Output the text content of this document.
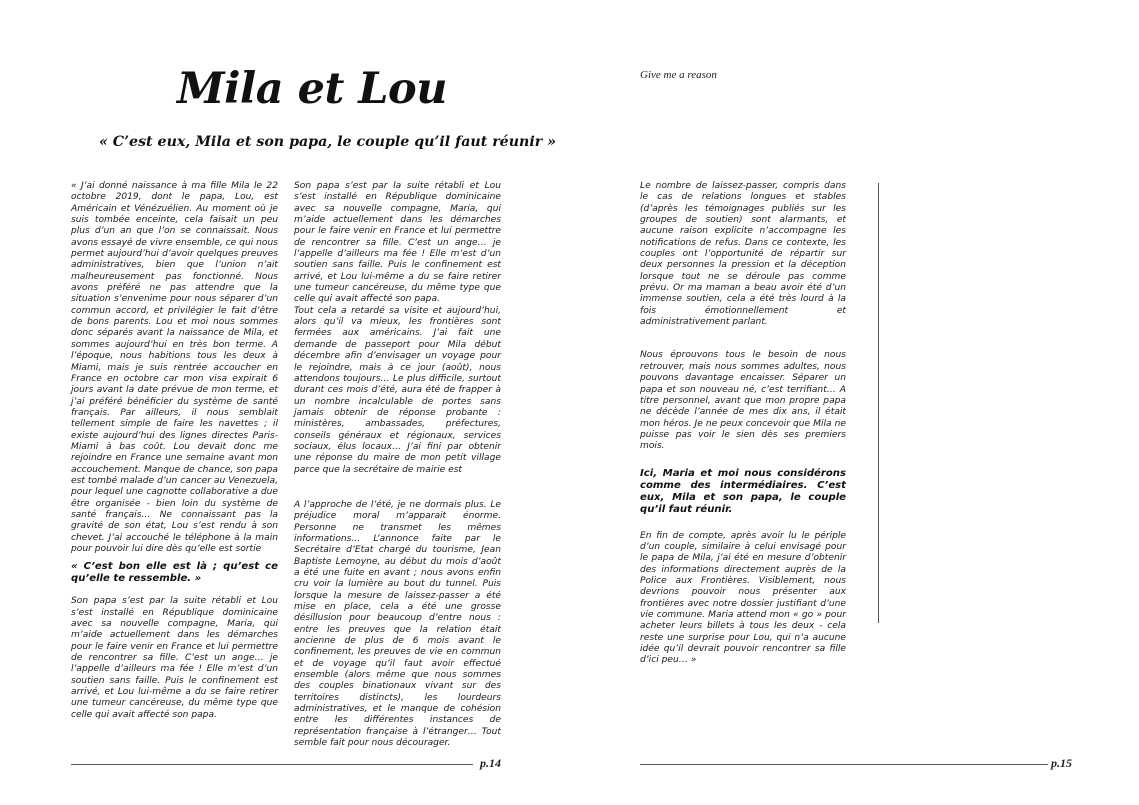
Mila et Lou
« C’est eux, Mila et son papa, le couple qu’il faut réunir »

« J’ai donné naissance à ma fille Mila le 22 octobre 2019, dont le papa, Lou, est Américain et Vénézuélien. Au moment où je suis tombée enceinte, cela faisait un peu plus d’un an que l’on se connaissait. Nous avons essayé de vivre ensemble, ce qui nous permet aujourd’hui d’avoir quelques preuves administratives, bien que l’union n’ait malheureusement pas fonctionné. Nous avons préféré ne pas attendre que la situation s’envenime pour nous séparer d’un commun accord, et privilégier le fait d’être de bons parents. Lou et moi nous sommes donc séparés avant la naissance de Mila, et sommes aujourd’hui en très bon terme. A l’époque, nous habitions tous les deux à Miami, mais je suis rentrée accoucher en France en octobre car mon visa expirait 6 jours avant la date prévue de mon terme, et j’ai préféré bénéficier du système de santé français. Par ailleurs, il nous semblait tellement simple de faire les navettes ; il existe aujourd’hui des lignes directes Paris-Miami à bas coût. Lou devait donc me rejoindre en France une semaine avant mon accouchement. Manque de chance, son papa est tombé malade d’un cancer au Venezuela, pour lequel une cagnotte collaborative a due être organisée - bien loin du système de santé français… Ne connaissant pas la gravité de son état, Lou s’est rendu à son chevet. J’ai accouché le téléphone à la main pour pouvoir lui dire dès qu’elle est sortie

« C’est bon elle est là ; qu’est ce qu’elle te ressemble. »

Son papa s’est par la suite rétabli et Lou s’est installé en République dominicaine avec sa nouvelle compagne, Maria, qui m’aide actuellement dans les démarches pour le faire venir en France et lui permettre de rencontrer sa fille. C’est un ange… je l’appelle d’ailleurs ma fée ! Elle m’est d’un soutien sans faille. Puis le confinement est arrivé, et Lou lui-même a du se faire retirer une tumeur cancéreuse, du même type que celle qui avait affecté son papa.

Son papa s’est par la suite rétabli et Lou s’est installé en République dominicaine avec sa nouvelle compagne, Maria, qui m’aide actuellement dans les démarches pour le faire venir en France et lui permettre de rencontrer sa fille. C’est un ange… je l’appelle d’ailleurs ma fée ! Elle m’est d’un soutien sans faille. Puis le confinement est arrivé, et Lou lui-même a du se faire retirer une tumeur cancéreuse, du même type que celle qui avait affecté son papa.

Tout cela a retardé sa visite et aujourd’hui, alors qu’il va mieux, les frontières sont fermées aux américains. J’ai fait une demande de passeport pour Mila début décembre afin d’envisager un voyage pour le rejoindre, mais à ce jour (août), nous attendons toujours… Le plus difficile, surtout durant ces mois d’été, aura été de frapper à un nombre incalculable de portes sans jamais obtenir de réponse probante : ministères, ambassades, préfectures, conseils généraux et régionaux, services sociaux, élus locaux… J’ai fini par obtenir une réponse du maire de mon petit village parce que la secrétaire de mairie est

A l’approche de l’été, je ne dormais plus. Le préjudice moral m’apparait énorme. Personne ne transmet les mêmes informations… L’annonce faite par le Secrétaire d’Etat chargé du tourisme, Jean Baptiste Lemoyne, au début du mois d’août a été une fuite en avant ; nous avons enfin cru voir la lumière au bout du tunnel. Puis lorsque la mesure de laissez-passer a été mise en place, cela a été une grosse désillusion pour beaucoup d’entre nous : entre les preuves que la relation était ancienne de plus de 6 mois avant le confinement, les preuves de vie en commun et de voyage qu’il faut avoir effectué ensemble (alors même que nous sommes des couples binationaux vivant sur des territoires distincts), les lourdeurs administratives, et le manque de cohésion entre les différentes instances de représentation française à l’étranger… Tout semble fait pour nous décourager.

p.14
Give me a reason

Le nombre de laissez-passer, compris dans le cas de relations longues et stables (d’après les témoignages publiés sur les groupes de soutien) sont alarmants, et aucune raison explicite n’accompagne les notifications de refus. Dans ce contexte, les couples ont l’opportunité de répartir sur deux personnes la pression et la déception lorsque tout ne se déroule pas comme prévu. Or ma maman a beau avoir été d’un immense soutien, cela a été très lourd à la fois émotionnellement et administrativement parlant.

Nous éprouvons tous le besoin de nous retrouver, mais nous sommes adultes, nous pouvons davantage encaisser. Séparer un papa et son nouveau né, c’est terrifiant… A titre personnel, avant que mon propre papa ne décède l’année de mes dix ans, il était mon héros. Je ne peux concevoir que Mila ne puisse pas voir le sien dès ses premiers mois.

Ici, Maria et moi nous considérons comme des intermédiaires. C’est eux, Mila et son papa, le couple qu’il faut réunir.

En fin de compte, après avoir lu le périple d’un couple, similaire à celui envisagé pour le papa de Mila, j’ai été en mesure d’obtenir des informations directement auprès de la Police aux Frontières. Visiblement, nous devrions pouvoir nous présenter aux frontières avec notre dossier justifiant d’une vie commune. Maria attend mon « go » pour acheter leurs billets à tous les deux - cela reste une surprise pour Lou, qui n’a aucune idée qu’il devrait pouvoir rencontrer sa fille d’ici peu… »

p.15
